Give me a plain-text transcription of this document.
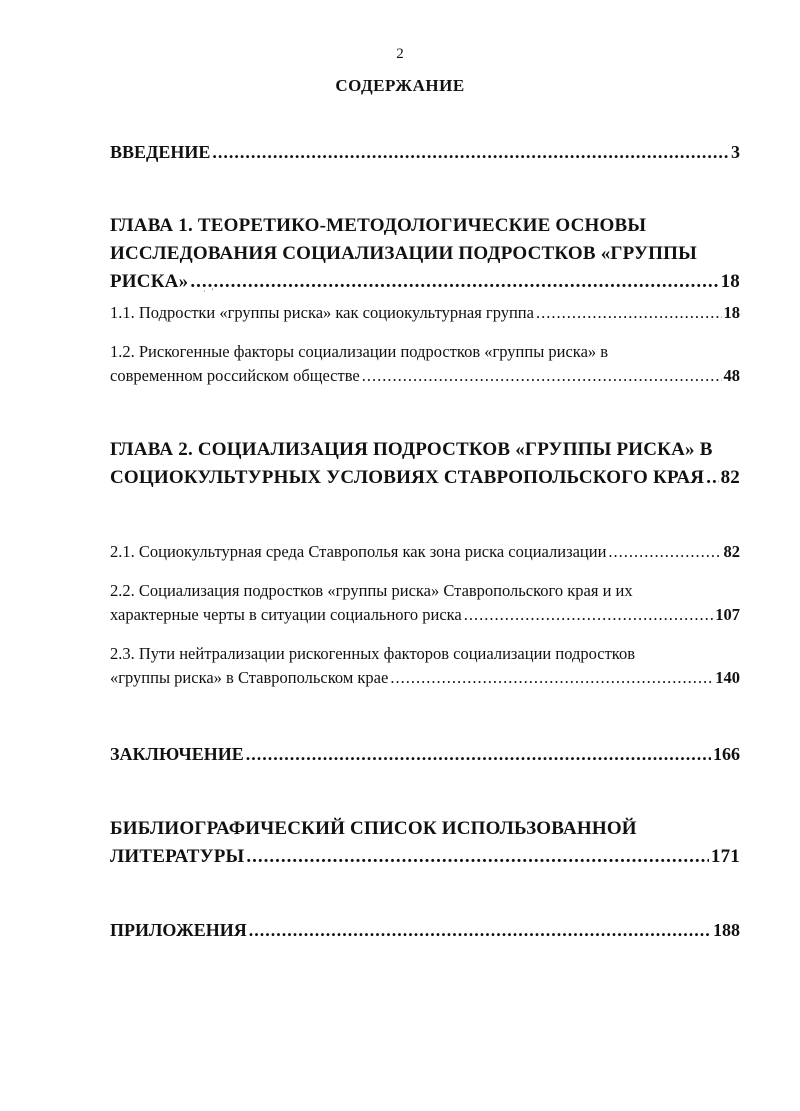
2
СОДЕРЖАНИЕ
ВВЕДЕНИЕ .....	3
ГЛАВА 1. ТЕОРЕТИКО-МЕТОДОЛОГИЧЕСКИЕ ОСНОВЫ
ИССЛЕДОВАНИЯ СОЦИАЛИЗАЦИИ ПОДРОСТКОВ «ГРУППЫ
РИСКА» .....	18
·'
1.1. Подростки «группы риска» как социокультурная группа .....	18
1.2. Рискогенные факторы социализации подростков «группы риска» в
современном российском обществе .....	48
ГЛАВА 2. СОЦИАЛИЗАЦИЯ ПОДРОСТКОВ «ГРУППЫ РИСКА» В
СОЦИОКУЛЬТУРНЫХ УСЛОВИЯХ СТАВРОПОЛЬСКОГО КРАЯ ..... 82
2.1. Социокультурная среда Ставрополья как зона риска социализации .....	82
2.2. Социализация подростков «группы риска» Ставропольского края и их
характерные черты в ситуации социального риска .....	107
2.3. Пути нейтрализации рискогенных факторов социализации подростков
«группы риска» в Ставропольском крае .....	140
ЗАКЛЮЧЕНИЕ .....	166
БИБЛИОГРАФИЧЕСКИЙ СПИСОК ИСПОЛЬЗОВАННОЙ
ЛИТЕРАТУРЫ .....	171
ПРИЛОЖЕНИЯ .....	188
